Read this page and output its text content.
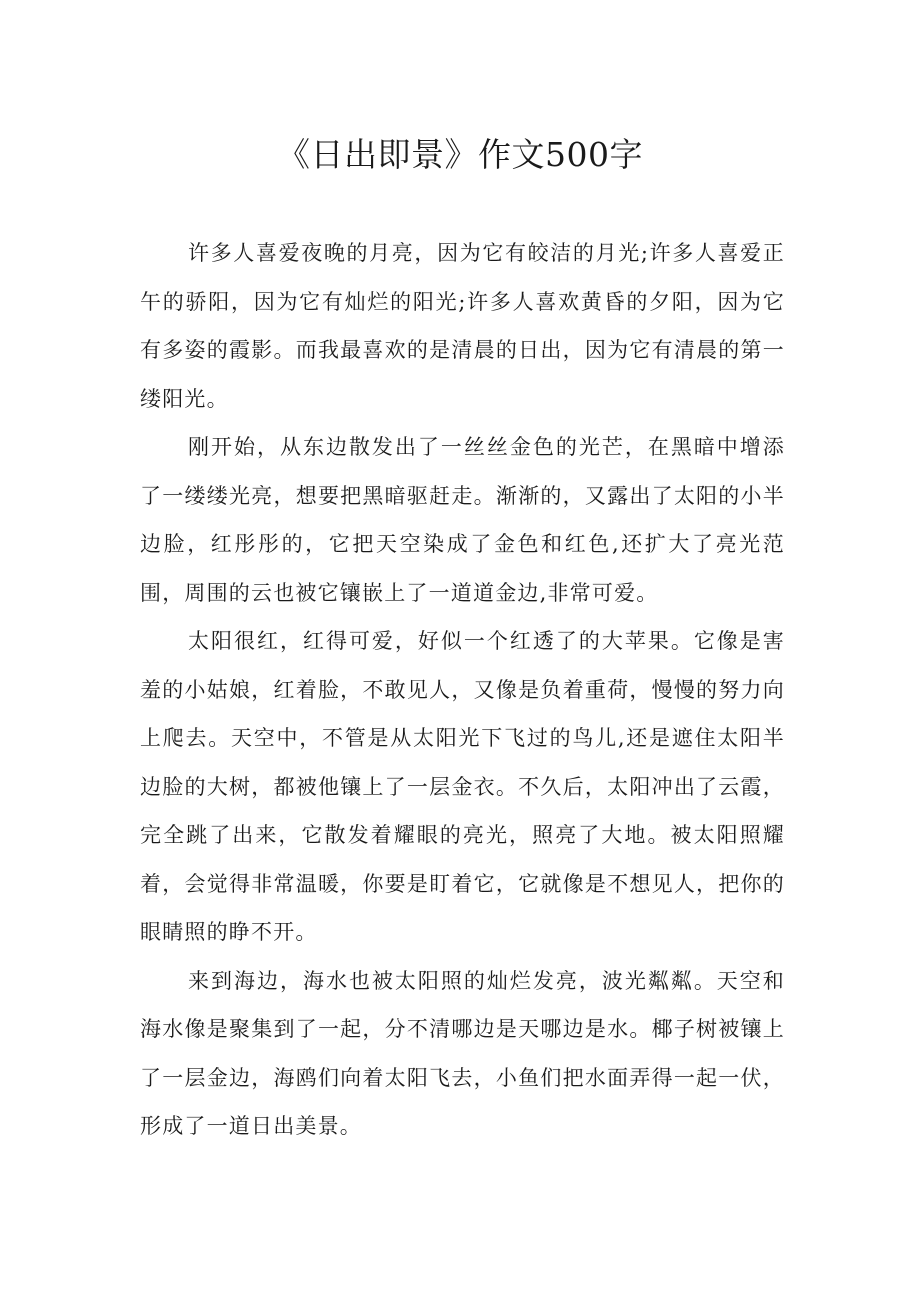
《日出即景》作文500字

许多人喜爱夜晚的月亮，因为它有皎洁的月光;许多人喜爱正午的骄阳，因为它有灿烂的阳光;许多人喜欢黄昏的夕阳，因为它有多姿的霞影。而我最喜欢的是清晨的日出，因为它有清晨的第一缕阳光。

刚开始，从东边散发出了一丝丝金色的光芒，在黑暗中增添了一缕缕光亮，想要把黑暗驱赶走。渐渐的，又露出了太阳的小半边脸，红彤彤的，它把天空染成了金色和红色,还扩大了亮光范围，周围的云也被它镶嵌上了一道道金边,非常可爱。

太阳很红，红得可爱，好似一个红透了的大苹果。它像是害羞的小姑娘，红着脸，不敢见人，又像是负着重荷，慢慢的努力向上爬去。天空中，不管是从太阳光下飞过的鸟儿,还是遮住太阳半边脸的大树，都被他镶上了一层金衣。不久后，太阳冲出了云霞，完全跳了出来，它散发着耀眼的亮光，照亮了大地。被太阳照耀着，会觉得非常温暖，你要是盯着它，它就像是不想见人，把你的眼睛照的睁不开。

来到海边，海水也被太阳照的灿烂发亮，波光粼粼。天空和海水像是聚集到了一起，分不清哪边是天哪边是水。椰子树被镶上了一层金边，海鸥们向着太阳飞去，小鱼们把水面弄得一起一伏，形成了一道日出美景。
